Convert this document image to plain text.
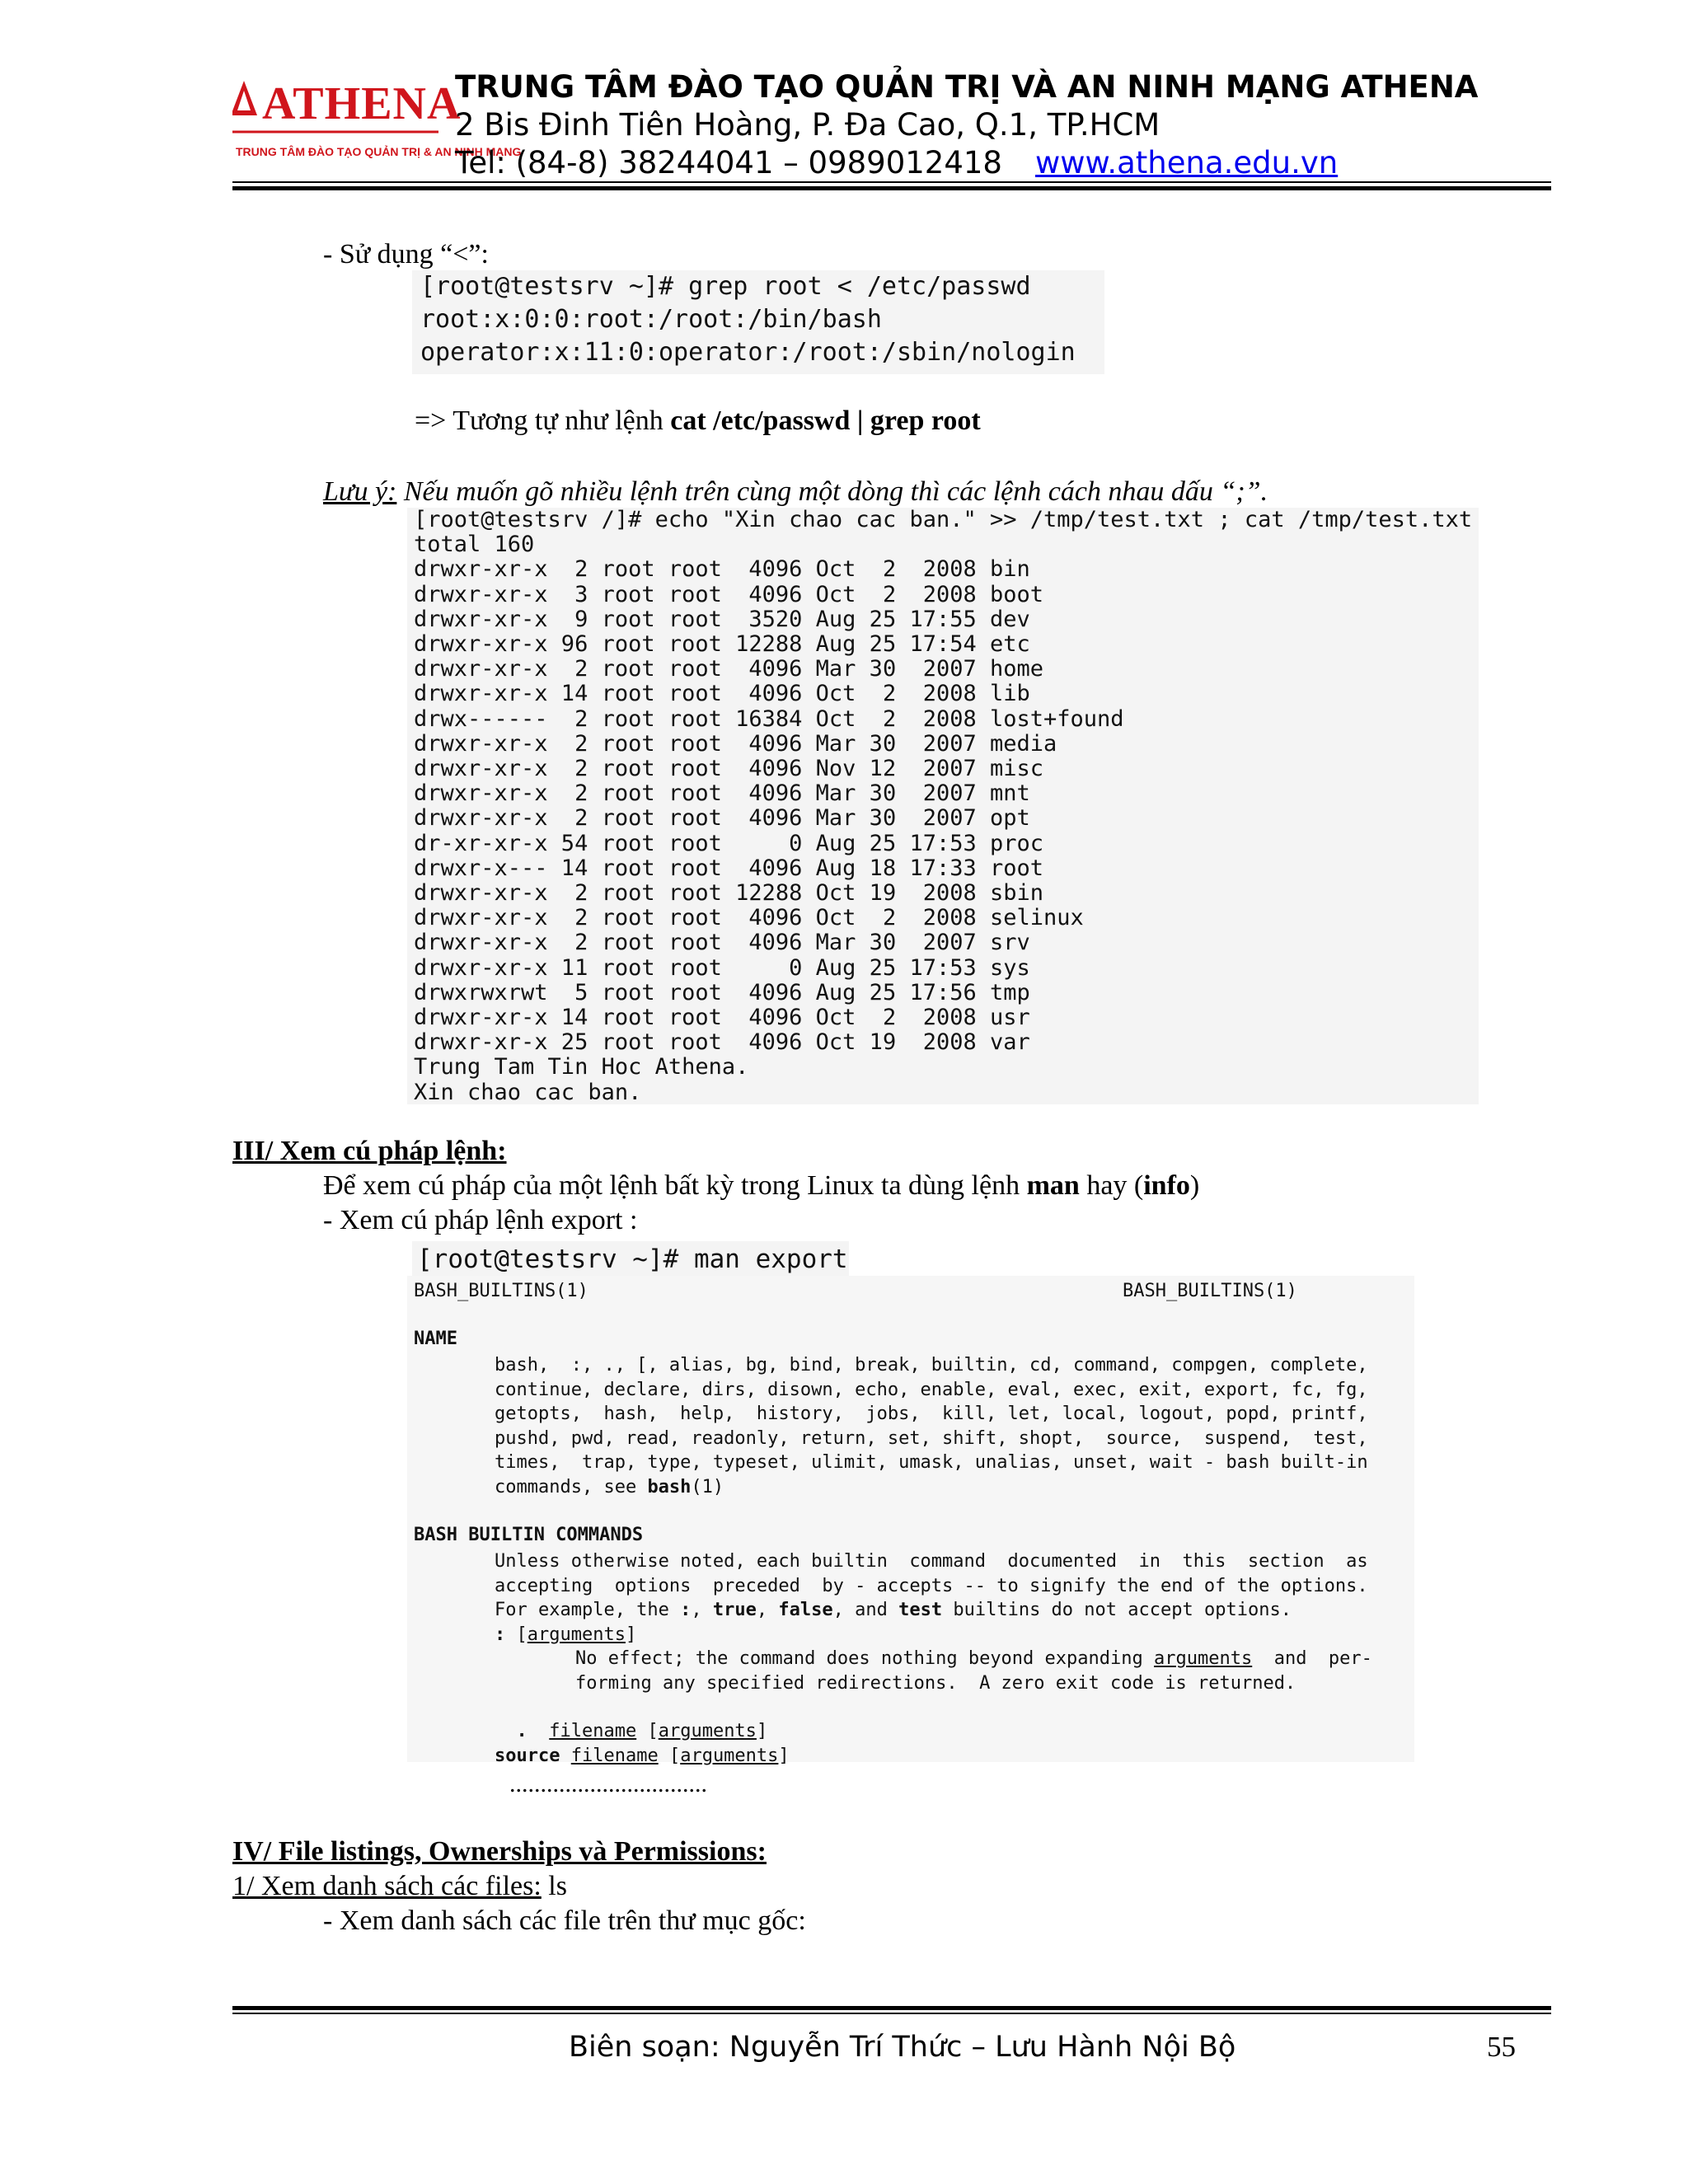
ATHENA
TRUNG TÂM ĐÀO TẠO QUẢN TRỊ & AN NINH MẠNG
TRUNG TÂM ĐÀO TẠO QUẢN TRỊ VÀ AN NINH MẠNG ATHENA
2 Bis Đinh Tiên Hoàng, P. Đa Cao, Q.1, TP.HCM
Tel: (84-8) 38244041 – 0989012418 www.athena.edu.vn
- Sử dụng “<”:
[root@testsrv ~]# grep root < /etc/passwd
root:x:0:0:root:/root:/bin/bash
operator:x:11:0:operator:/root:/sbin/nologin
=> Tương tự như lệnh cat /etc/passwd | grep root
Lưu ý: Nếu muốn gõ nhiều lệnh trên cùng một dòng thì các lệnh cách nhau dấu “;”.
[root@testsrv /]# echo "Xin chao cac ban." >> /tmp/test.txt ; cat /tmp/test.txt
total 160
drwxr-xr-x  2 root root  4096 Oct  2  2008 bin
drwxr-xr-x  3 root root  4096 Oct  2  2008 boot
drwxr-xr-x  9 root root  3520 Aug 25 17:55 dev
drwxr-xr-x 96 root root 12288 Aug 25 17:54 etc
drwxr-xr-x  2 root root  4096 Mar 30  2007 home
drwxr-xr-x 14 root root  4096 Oct  2  2008 lib
drwx------  2 root root 16384 Oct  2  2008 lost+found
drwxr-xr-x  2 root root  4096 Mar 30  2007 media
drwxr-xr-x  2 root root  4096 Nov 12  2007 misc
drwxr-xr-x  2 root root  4096 Mar 30  2007 mnt
drwxr-xr-x  2 root root  4096 Mar 30  2007 opt
dr-xr-xr-x 54 root root     0 Aug 25 17:53 proc
drwxr-x--- 14 root root  4096 Aug 18 17:33 root
drwxr-xr-x  2 root root 12288 Oct 19  2008 sbin
drwxr-xr-x  2 root root  4096 Oct  2  2008 selinux
drwxr-xr-x  2 root root  4096 Mar 30  2007 srv
drwxr-xr-x 11 root root     0 Aug 25 17:53 sys
drwxrwxrwt  5 root root  4096 Aug 25 17:56 tmp
drwxr-xr-x 14 root root  4096 Oct  2  2008 usr
drwxr-xr-x 25 root root  4096 Oct 19  2008 var
Trung Tam Tin Hoc Athena.
Xin chao cac ban.
III/ Xem cú pháp lệnh:
Để xem cú pháp của một lệnh bất kỳ trong Linux ta dùng lệnh man hay (info)
- Xem cú pháp lệnh export :
[root@testsrv ~]# man export
BASH_BUILTINS(1)	BASH_BUILTINS(1)
NAME
bash,  :, ., [, alias, bg, bind, break, builtin, cd, command, compgen, complete,
continue, declare, dirs, disown, echo, enable, eval, exec, exit, export, fc, fg,
getopts,  hash,  help,  history,  jobs,  kill, let, local, logout, popd, printf,
pushd, pwd, read, readonly, return, set, shift, shopt,  source,  suspend,  test,
times,  trap, type, typeset, ulimit, umask, unalias, unset, wait - bash built-in
commands, see bash(1)
BASH BUILTIN COMMANDS
Unless otherwise noted, each builtin  command  documented  in  this  section  as
accepting  options  preceded  by - accepts -- to signify the end of the options.
For example, the :, true, false, and test builtins do not accept options.
: [arguments]
No effect; the command does nothing beyond expanding arguments  and  per-
forming any specified redirections.  A zero exit code is returned.
. filename [arguments]
source filename [arguments]
................................
IV/ File listings, Ownerships và Permissions:
1/ Xem danh sách các files: ls
- Xem danh sách các file trên thư mục gốc:
Biên soạn: Nguyễn Trí Thức – Lưu Hành Nội Bộ	55
